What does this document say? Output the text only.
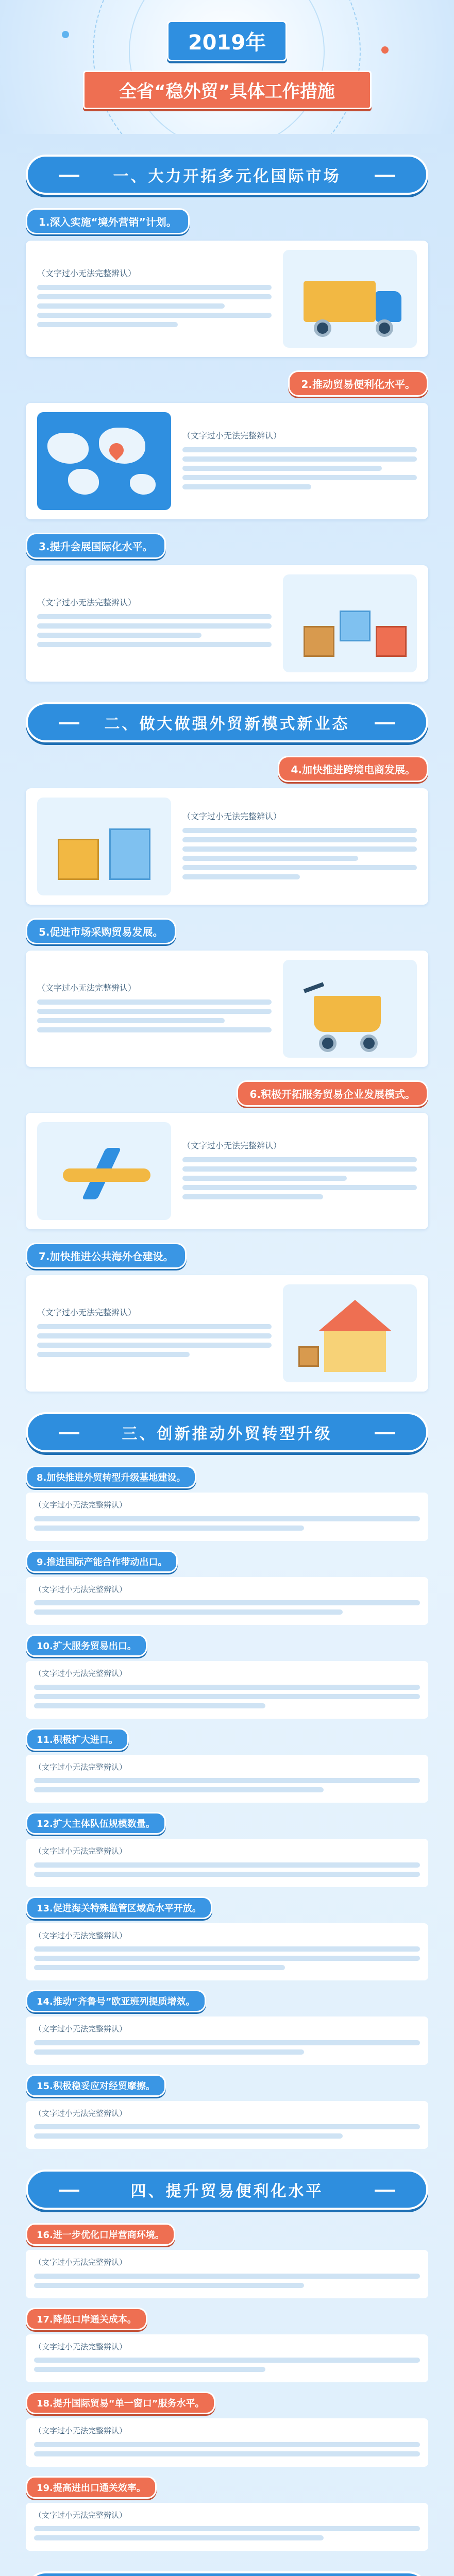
2019年
全省“稳外贸”具体工作措施
一、大力开拓多元化国际市场
1.深入实施“境外营销”计划。
（文字过小无法完整辨认）
2.推动贸易便利化水平。
（文字过小无法完整辨认）
3.提升会展国际化水平。
（文字过小无法完整辨认）
二、做大做强外贸新模式新业态
4.加快推进跨境电商发展。
（文字过小无法完整辨认）
5.促进市场采购贸易发展。
（文字过小无法完整辨认）
6.积极开拓服务贸易企业发展模式。
（文字过小无法完整辨认）
7.加快推进公共海外仓建设。
（文字过小无法完整辨认）
三、创新推动外贸转型升级
8.加快推进外贸转型升级基地建设。
（文字过小无法完整辨认）
9.推进国际产能合作带动出口。
（文字过小无法完整辨认）
10.扩大服务贸易出口。
（文字过小无法完整辨认）
11.积极扩大进口。
（文字过小无法完整辨认）
12.扩大主体队伍规模数量。
（文字过小无法完整辨认）
13.促进海关特殊监管区域高水平开放。
（文字过小无法完整辨认）
14.推动“齐鲁号”欧亚班列提质增效。
（文字过小无法完整辨认）
15.积极稳妥应对经贸摩擦。
（文字过小无法完整辨认）
四、提升贸易便利化水平
16.进一步优化口岸营商环境。
（文字过小无法完整辨认）
17.降低口岸通关成本。
（文字过小无法完整辨认）
18.提升国际贸易“单一窗口”服务水平。
（文字过小无法完整辨认）
19.提高进出口通关效率。
（文字过小无法完整辨认）
